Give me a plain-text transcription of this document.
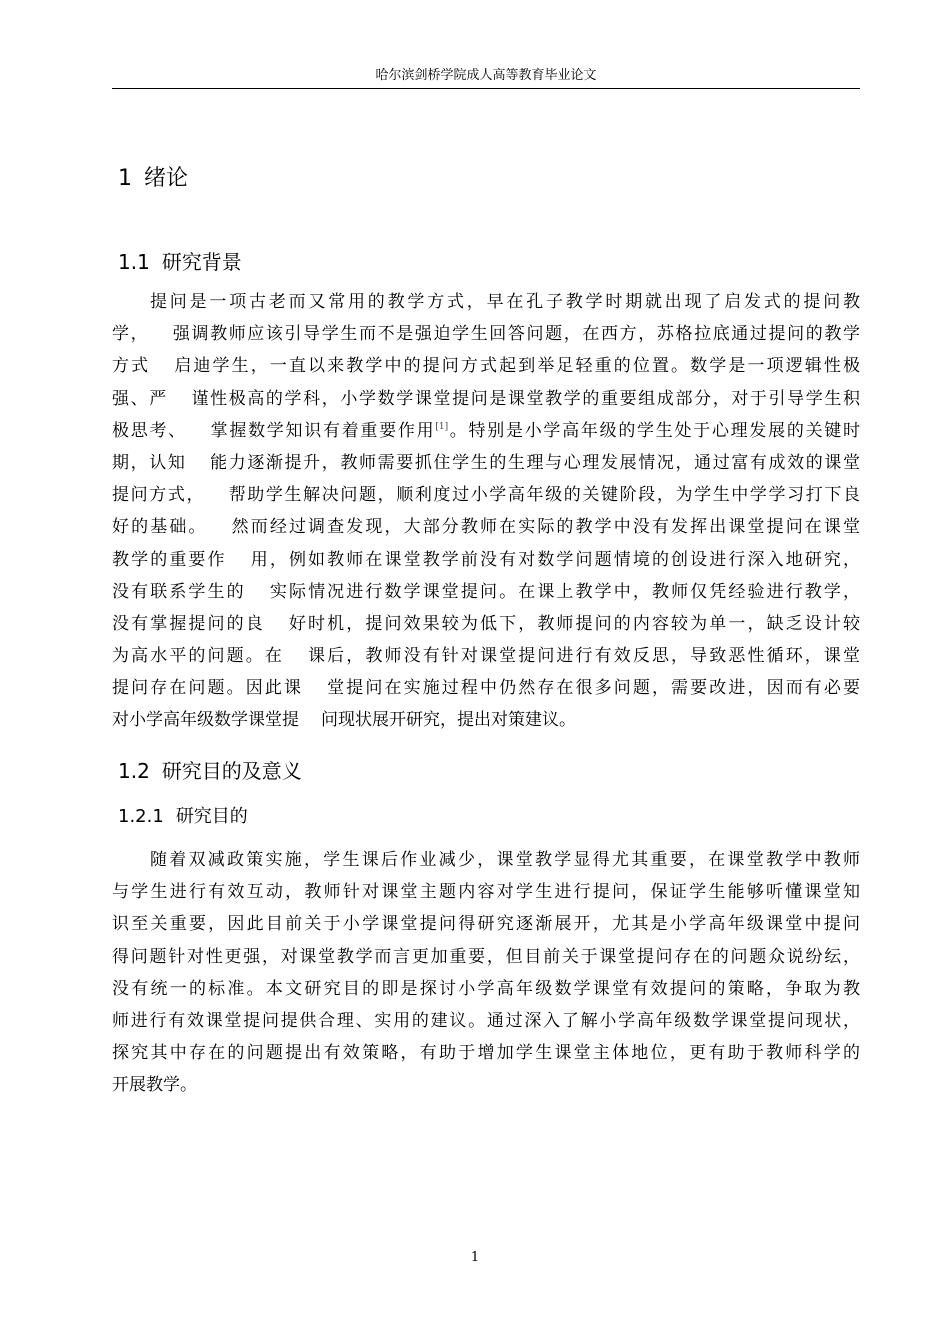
哈尔滨剑桥学院成人高等教育毕业论文
1 绪论
1.1 研究背景
提问是一项古老而又常用的教学方式，早在孔子教学时期就出现了启发式的提问教
学， 强调教师应该引导学生而不是强迫学生回答问题，在西方，苏格拉底通过提问的教学
方式 启迪学生，一直以来教学中的提问方式起到举足轻重的位置。数学是一项逻辑性极
强、严 谨性极高的学科，小学数学课堂提问是课堂教学的重要组成部分，对于引导学生积
极思考、 掌握数学知识有着重要作用[1]。特别是小学高年级的学生处于心理发展的关键时
期，认知 能力逐渐提升，教师需要抓住学生的生理与心理发展情况，通过富有成效的课堂
提问方式， 帮助学生解决问题，顺利度过小学高年级的关键阶段，为学生中学学习打下良
好的基础。 然而经过调查发现，大部分教师在实际的教学中没有发挥出课堂提问在课堂
教学的重要作 用，例如教师在课堂教学前没有对数学问题情境的创设进行深入地研究，
没有联系学生的 实际情况进行数学课堂提问。在课上教学中，教师仅凭经验进行教学，
没有掌握提问的良 好时机，提问效果较为低下，教师提问的内容较为单一，缺乏设计较
为高水平的问题。在 课后，教师没有针对课堂提问进行有效反思，导致恶性循环，课堂
提问存在问题。因此课 堂提问在实施过程中仍然存在很多问题，需要改进，因而有必要
对小学高年级数学课堂提 问现状展开研究，提出对策建议。
1.2 研究目的及意义
1.2.1 研究目的
随着双减政策实施，学生课后作业减少，课堂教学显得尤其重要，在课堂教学中教师
与学生进行有效互动，教师针对课堂主题内容对学生进行提问，保证学生能够听懂课堂知
识至关重要，因此目前关于小学课堂提问得研究逐渐展开，尤其是小学高年级课堂中提问
得问题针对性更强，对课堂教学而言更加重要，但目前关于课堂提问存在的问题众说纷纭，
没有统一的标准。本文研究目的即是探讨小学高年级数学课堂有效提问的策略，争取为教
师进行有效课堂提问提供合理、实用的建议。通过深入了解小学高年级数学课堂提问现状，
探究其中存在的问题提出有效策略，有助于增加学生课堂主体地位，更有助于教师科学的
开展教学。
1
